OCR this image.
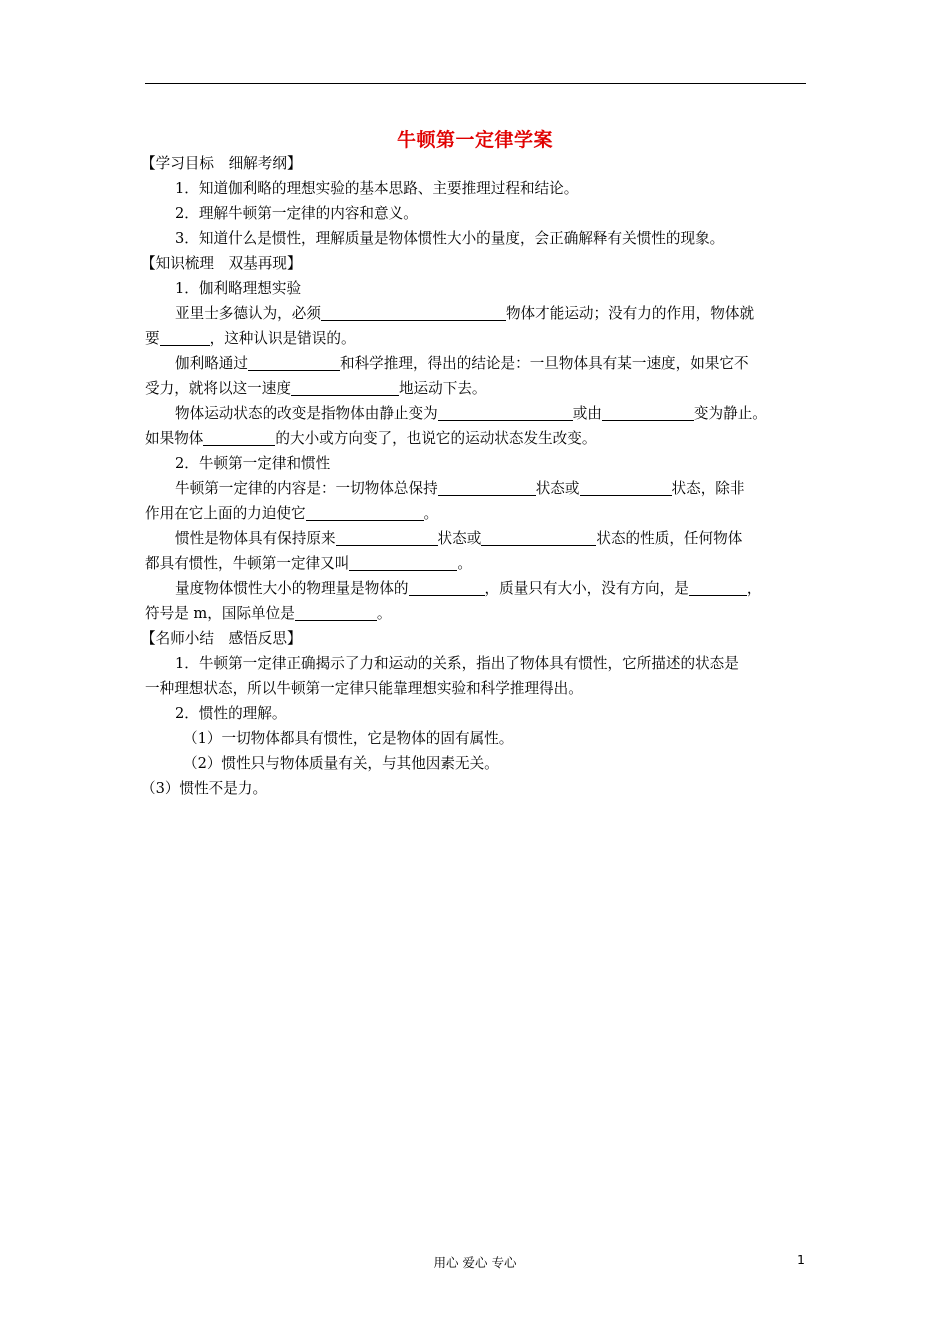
牛顿第一定律学案
【学习目标　细解考纲】
1．知道伽利略的理想实验的基本思路、主要推理过程和结论。
2．理解牛顿第一定律的内容和意义。
3．知道什么是惯性，理解质量是物体惯性大小的量度，会正确解释有关惯性的现象。
【知识梳理　双基再现】
1．伽利略理想实验
亚里士多德认为，必须	物体才能运动；没有力的作用，物体就
要	，这种认识是错误的。
伽利略通过	和科学推理，得出的结论是：一旦物体具有某一速度，如果它不
受力，就将以这一速度	地运动下去。
物体运动状态的改变是指物体由静止变为	或由	变为静止。
如果物体	的大小或方向变了，也说它的运动状态发生改变。
2．牛顿第一定律和惯性
牛顿第一定律的内容是：一切物体总保持	状态或	状态，除非
作用在它上面的力迫使它	。
惯性是物体具有保持原来	状态或	状态的性质，任何物体
都具有惯性，牛顿第一定律又叫	。
量度物体惯性大小的物理量是物体的	，质量只有大小，没有方向，是	，
符号是 m，国际单位是	。
【名师小结　感悟反思】
1．牛顿第一定律正确揭示了力和运动的关系，指出了物体具有惯性，它所描述的状态是
一种理想状态，所以牛顿第一定律只能靠理想实验和科学推理得出。
2．惯性的理解。
（1）一切物体都具有惯性，它是物体的固有属性。
（2）惯性只与物体质量有关，与其他因素无关。
（3）惯性不是力。
用心 爱心 专心	1
